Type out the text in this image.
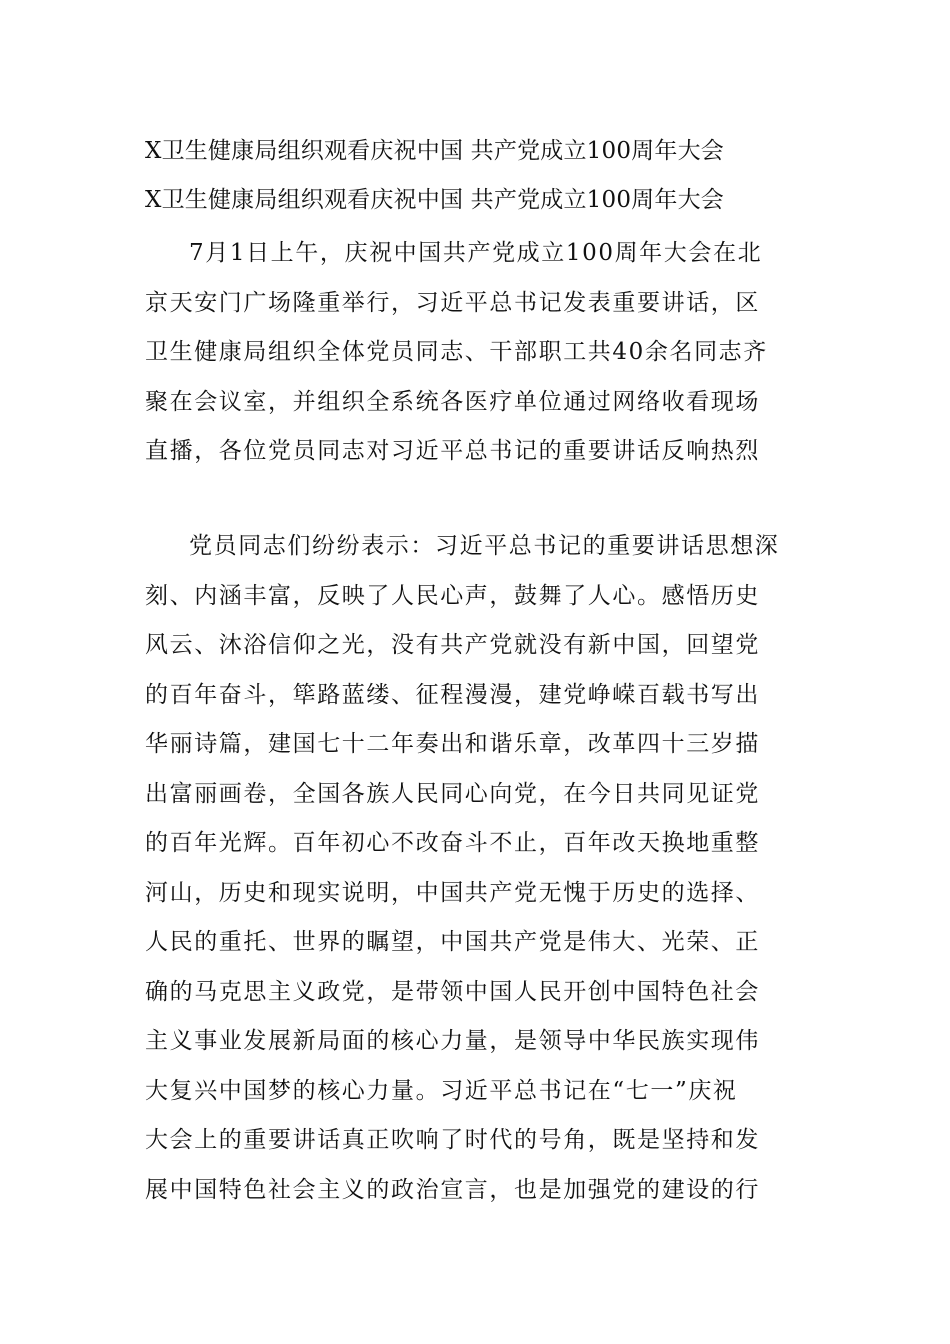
X卫生健康局组织观看庆祝中国 共产党成立100周年大会
X卫生健康局组织观看庆祝中国 共产党成立100周年大会
7月1日上午，庆祝中国共产党成立100周年大会在北
京天安门广场隆重举行，习近平总书记发表重要讲话，区
卫生健康局组织全体党员同志、干部职工共40余名同志齐
聚在会议室，并组织全系统各医疗单位通过网络收看现场
直播，各位党员同志对习近平总书记的重要讲话反响热烈
党员同志们纷纷表示：习近平总书记的重要讲话思想深
刻、内涵丰富，反映了人民心声，鼓舞了人心。感悟历史
风云、沐浴信仰之光，没有共产党就没有新中国，回望党
的百年奋斗，筚路蓝缕、征程漫漫，建党峥嵘百载书写出
华丽诗篇，建国七十二年奏出和谐乐章，改革四十三岁描
出富丽画卷，全国各族人民同心向党，在今日共同见证党
的百年光辉。百年初心不改奋斗不止，百年改天换地重整
河山，历史和现实说明，中国共产党无愧于历史的选择、
人民的重托、世界的瞩望，中国共产党是伟大、光荣、正
确的马克思主义政党，是带领中国人民开创中国特色社会
主义事业发展新局面的核心力量，是领导中华民族实现伟
大复兴中国梦的核心力量。习近平总书记在“七一”庆祝
大会上的重要讲话真正吹响了时代的号角，既是坚持和发
展中国特色社会主义的政治宣言，也是加强党的建设的行
